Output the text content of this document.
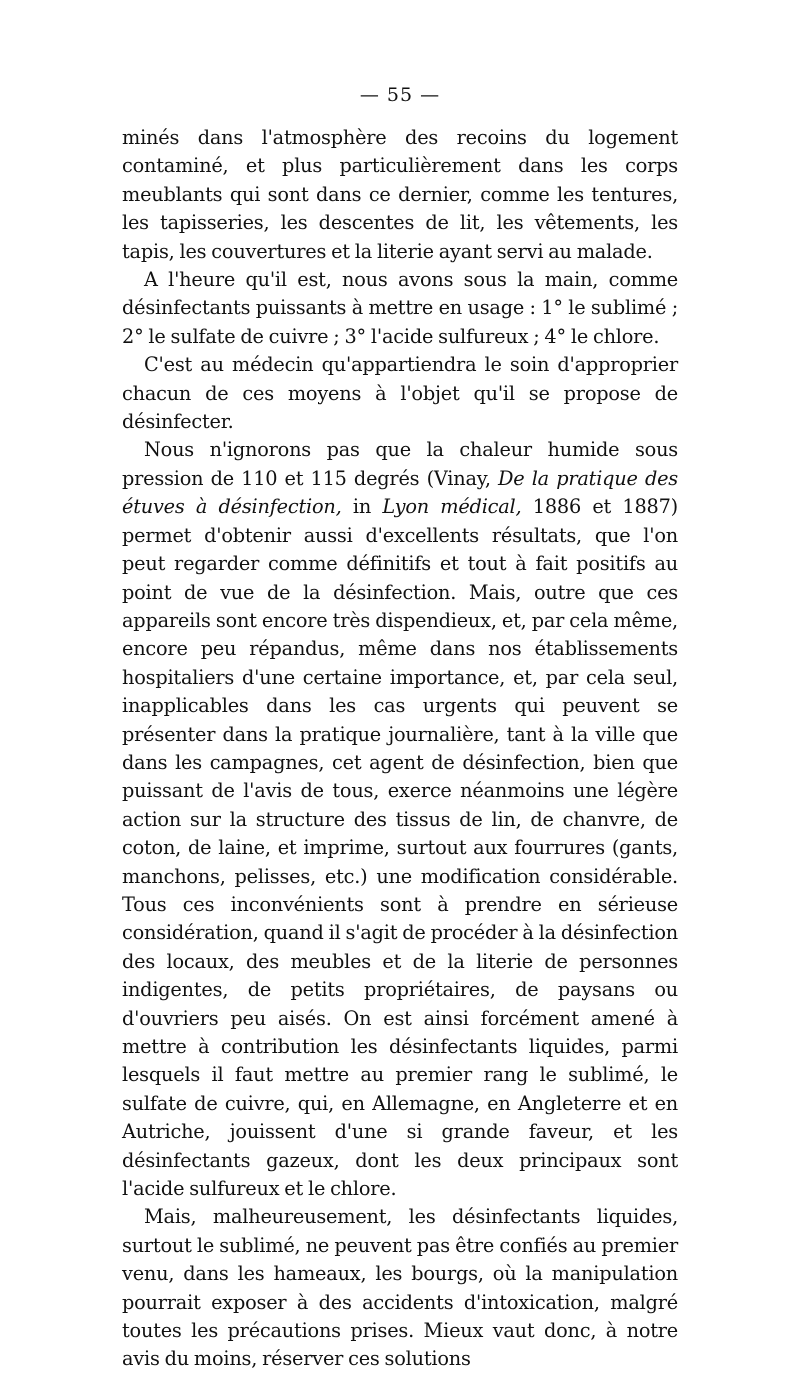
— 55 —

minés dans l'atmosphère des recoins du logement contaminé, et plus particulièrement dans les corps meublants qui sont dans ce dernier, comme les tentures, les tapisseries, les descentes de lit, les vêtements, les tapis, les couvertures et la literie ayant servi au malade.

A l'heure qu'il est, nous avons sous la main, comme désinfectants puissants à mettre en usage : 1° le sublimé ; 2° le sulfate de cuivre ; 3° l'acide sulfureux ; 4° le chlore.

C'est au médecin qu'appartiendra le soin d'approprier chacun de ces moyens à l'objet qu'il se propose de désinfecter.

Nous n'ignorons pas que la chaleur humide sous pression de 110 et 115 degrés (Vinay, De la pratique des étuves à désinfection, in Lyon médical, 1886 et 1887) permet d'obtenir aussi d'excellents résultats, que l'on peut regarder comme définitifs et tout à fait positifs au point de vue de la désinfection. Mais, outre que ces appareils sont encore très dispendieux, et, par cela même, encore peu répandus, même dans nos établissements hospitaliers d'une certaine importance, et, par cela seul, inapplicables dans les cas urgents qui peuvent se présenter dans la pratique journalière, tant à la ville que dans les campagnes, cet agent de désinfection, bien que puissant de l'avis de tous, exerce néanmoins une légère action sur la structure des tissus de lin, de chanvre, de coton, de laine, et imprime, surtout aux fourrures (gants, manchons, pelisses, etc.) une modification considérable. Tous ces inconvénients sont à prendre en sérieuse considération, quand il s'agit de procéder à la désinfection des locaux, des meubles et de la literie de personnes indigentes, de petits propriétaires, de paysans ou d'ouvriers peu aisés. On est ainsi forcément amené à mettre à contribution les désinfectants liquides, parmi lesquels il faut mettre au premier rang le sublimé, le sulfate de cuivre, qui, en Allemagne, en Angleterre et en Autriche, jouissent d'une si grande faveur, et les désinfectants gazeux, dont les deux principaux sont l'acide sulfureux et le chlore.

Mais, malheureusement, les désinfectants liquides, surtout le sublimé, ne peuvent pas être confiés au premier venu, dans les hameaux, les bourgs, où la manipulation pourrait exposer à des accidents d'intoxication, malgré toutes les précautions prises. Mieux vaut donc, à notre avis du moins, réserver ces solutions
